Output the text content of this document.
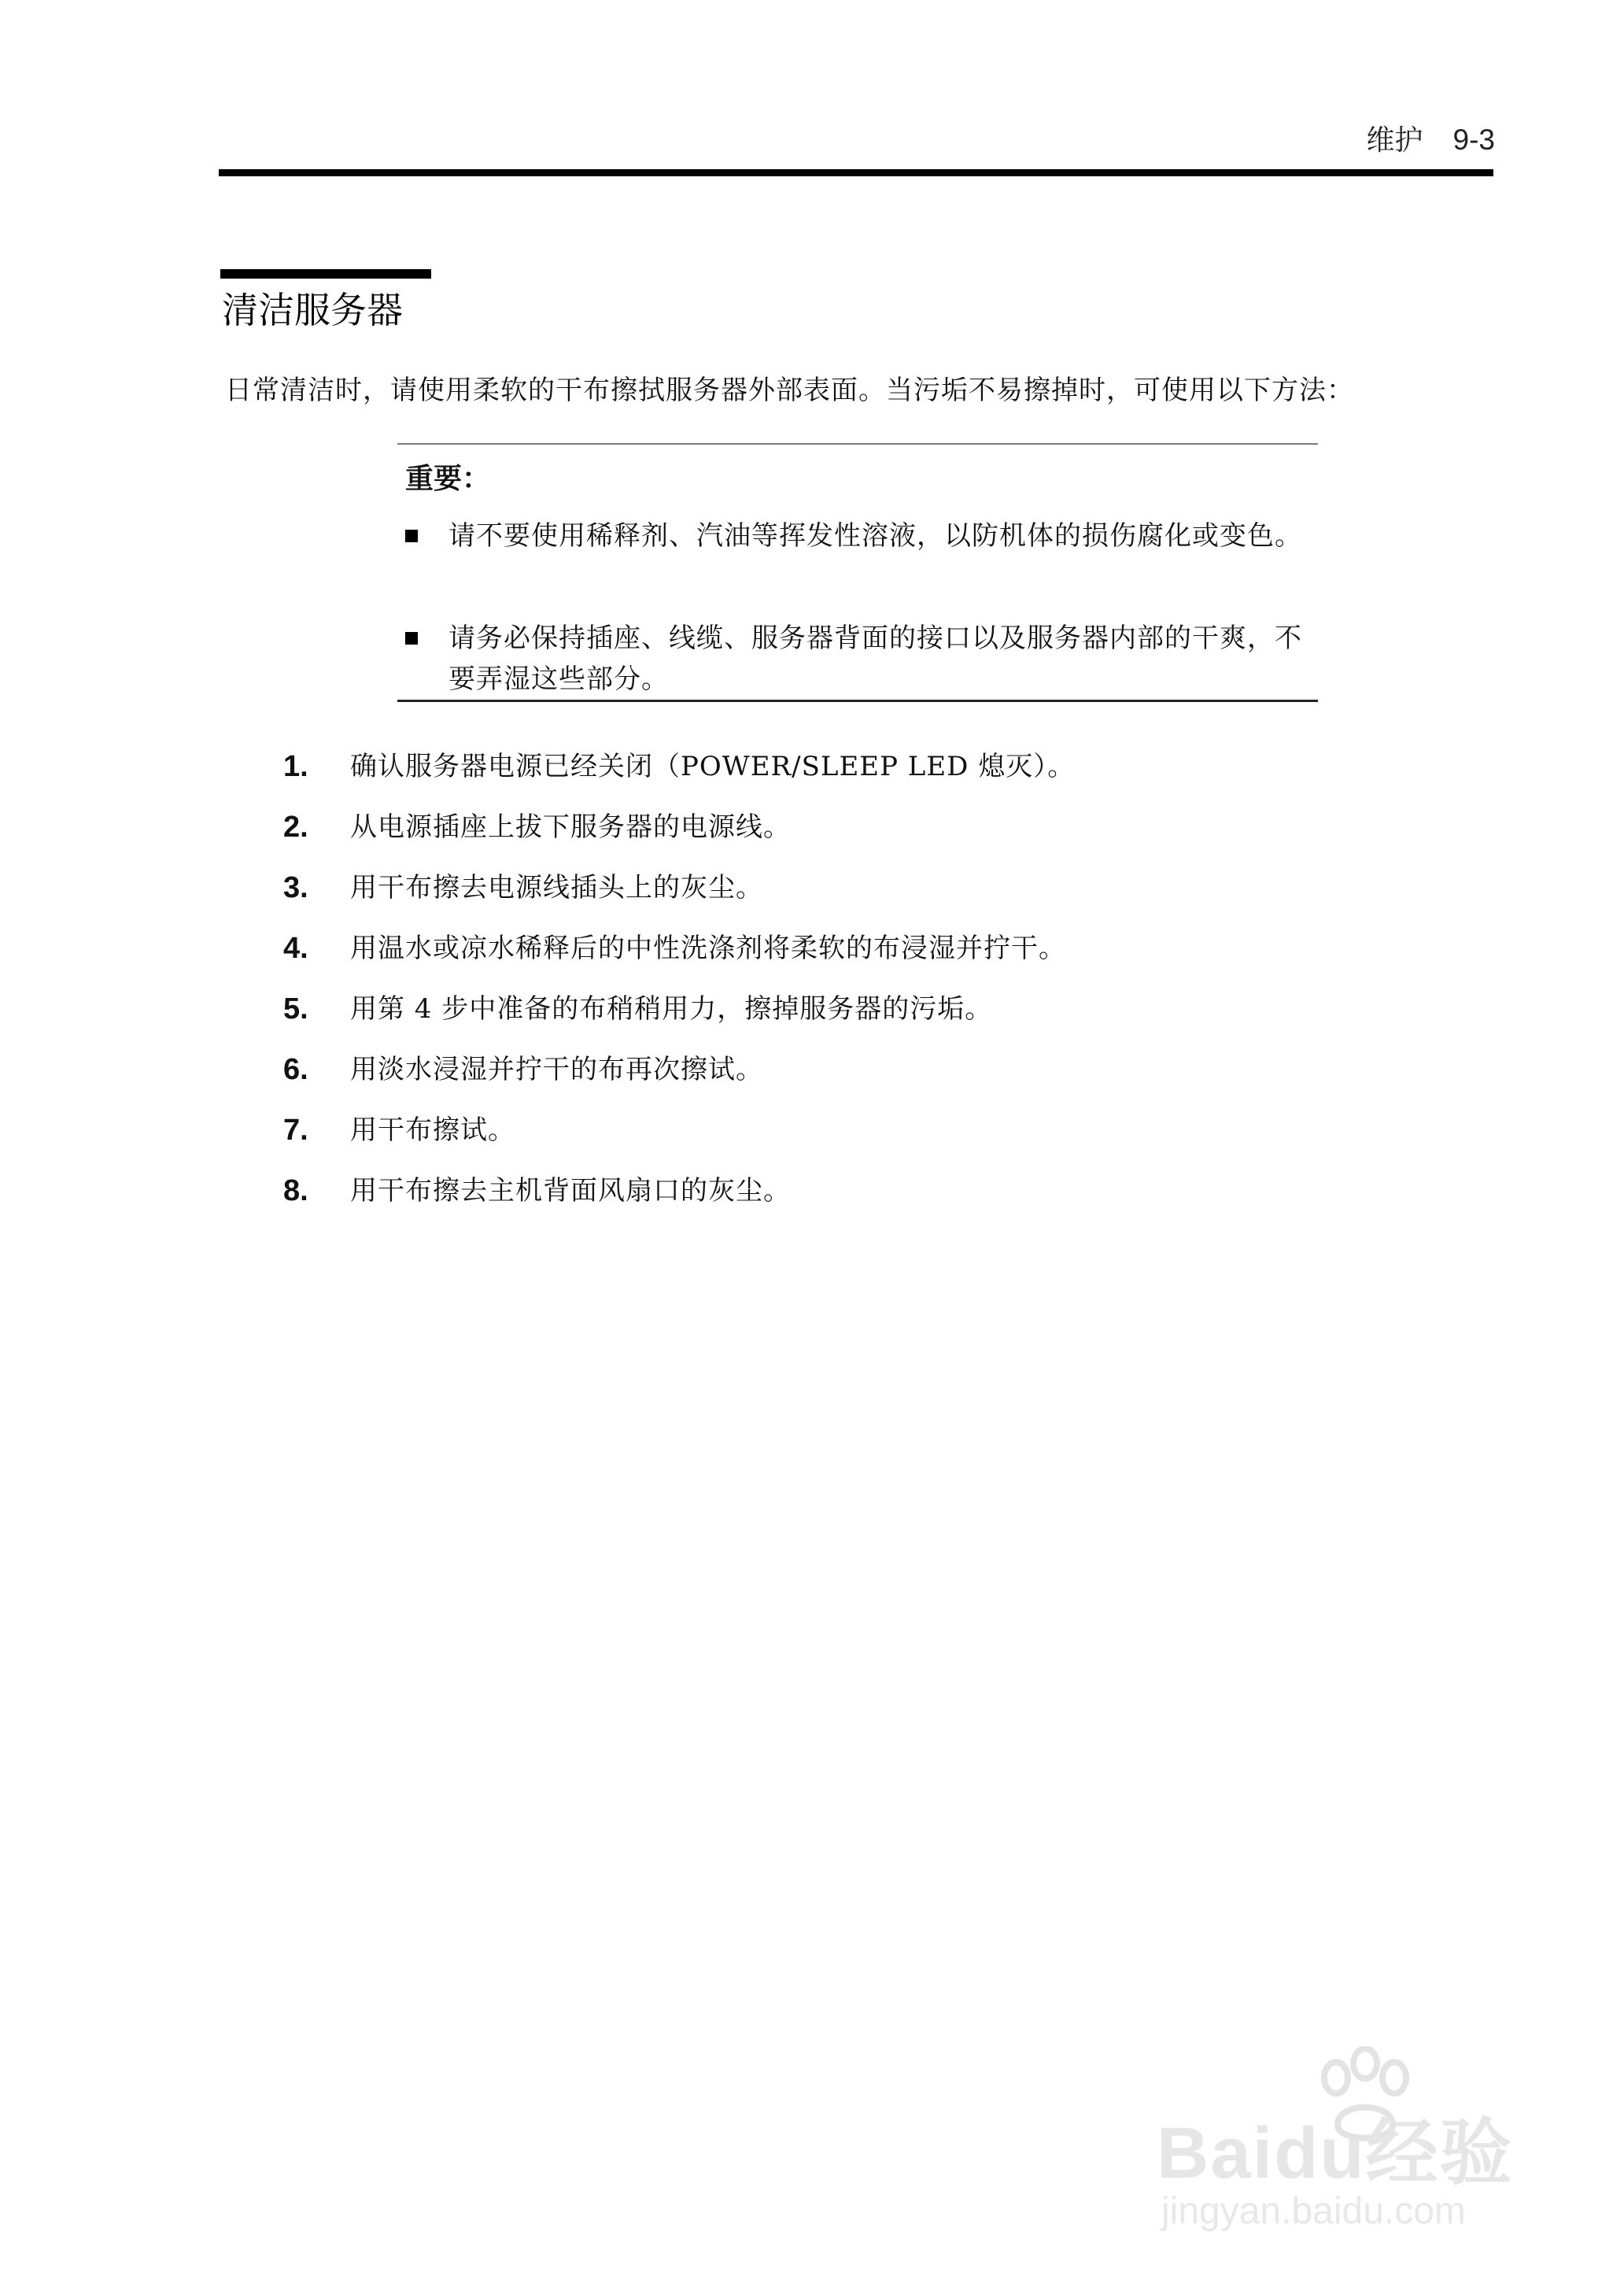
维护 9-3
清洁服务器
日常清洁时，请使用柔软的干布擦拭服务器外部表面。当污垢不易擦掉时，可使用以下方法：
重要：
请不要使用稀释剂、汽油等挥发性溶液，以防机体的损伤腐化或变色。
请务必保持插座、线缆、服务器背面的接口以及服务器内部的干爽，不要弄湿这些部分。
1. 确认服务器电源已经关闭（POWER/SLEEP LED 熄灭）。
2. 从电源插座上拔下服务器的电源线。
3. 用干布擦去电源线插头上的灰尘。
4. 用温水或凉水稀释后的中性洗涤剂将柔软的布浸湿并拧干。
5. 用第 4 步中准备的布稍稍用力，擦掉服务器的污垢。
6. 用淡水浸湿并拧干的布再次擦试。
7. 用干布擦试。
8. 用干布擦去主机背面风扇口的灰尘。
Baidu经验
jingyan.baidu.com
